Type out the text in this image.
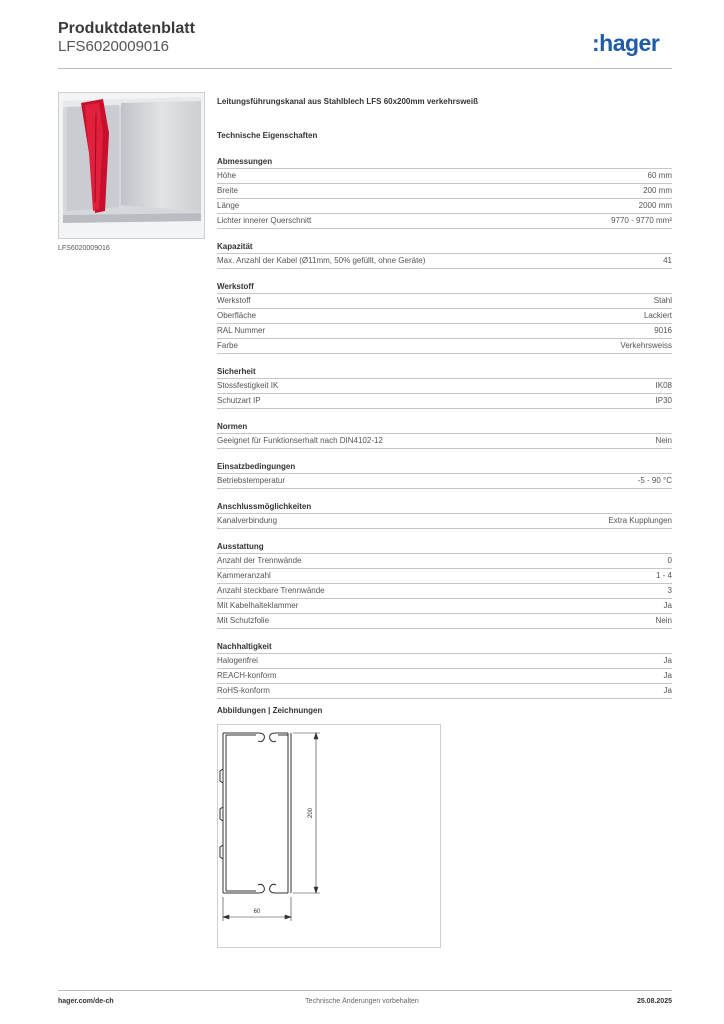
Produktdatenblatt
LFS6020009016	:hager
LFS6020009016
Leitungsführungskanal aus Stahlblech LFS 60x200mm verkehrsweiß
Technische Eigenschaften
Abmessungen
Höhe	60 mm
Breite	200 mm
Länge	2000 mm
Lichter innerer Querschnitt	9770 - 9770 mm²
Kapazität
Max. Anzahl der Kabel (Ø11mm, 50% gefüllt, ohne Geräte)	41
Werkstoff
Werkstoff	Stahl
Oberfläche	Lackiert
RAL Nummer	9016
Farbe	Verkehrsweiss
Sicherheit
Stossfestigkeit IK	IK08
Schutzart IP	IP30
Normen
Geeignet für Funktionserhalt nach DIN4102-12	Nein
Einsatzbedingungen
Betriebstemperatur	-5 - 90 °C
Anschlussmöglichkeiten
Kanalverbindung	Extra Kupplungen
Ausstattung
Anzahl der Trennwände	0
Kammeranzahl	1 - 4
Anzahl steckbare Trennwände	3
Mit Kabelhalteklammer	Ja
Mit Schutzfolie	Nein
Nachhaltigkeit
Halogenfrei	Ja
REACH-konform	Ja
RoHS-konform	Ja
Abbildungen | Zeichnungen
200
60
hager.com/de-ch	Technische Änderungen vorbehalten	25.08.2025
